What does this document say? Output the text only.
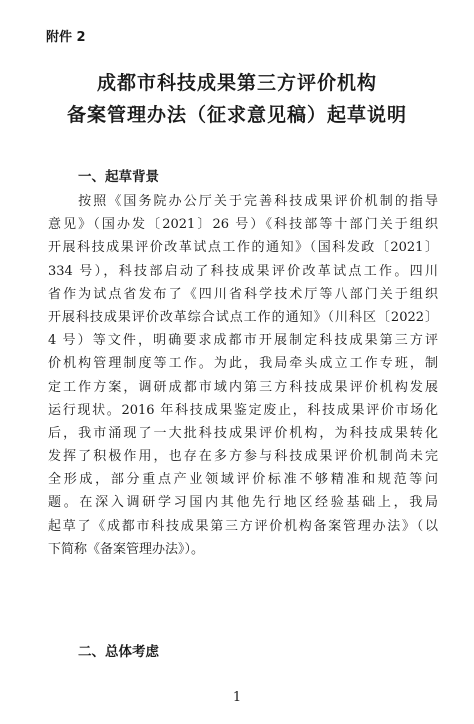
附件 2
成都市科技成果第三方评价机构
备案管理办法（征求意见稿）起草说明
一、起草背景
　　按照《国务院办公厅关于完善科技成果评价机制的指导
意见》（国办发〔2021〕26 号）《科技部等十部门关于组织
开展科技成果评价改革试点工作的通知》（国科发政〔2021〕
334 号），科技部启动了科技成果评价改革试点工作。四川
省作为试点省发布了《四川省科学技术厅等八部门关于组织
开展科技成果评价改革综合试点工作的通知》（川科区〔2022〕
4 号）等文件，明确要求成都市开展制定科技成果第三方评
价机构管理制度等工作。为此，我局牵头成立工作专班，制
定工作方案，调研成都市域内第三方科技成果评价机构发展
运行现状。2016 年科技成果鉴定废止，科技成果评价市场化
后，我市涌现了一大批科技成果评价机构，为科技成果转化
发挥了积极作用，也存在多方参与科技成果评价机制尚未完
全形成，部分重点产业领域评价标准不够精准和规范等问
题。在深入调研学习国内其他先行地区经验基础上，我局
起草了《成都市科技成果第三方评价机构备案管理办法》（以
下简称《备案管理办法》）。
二、总体考虑
1
